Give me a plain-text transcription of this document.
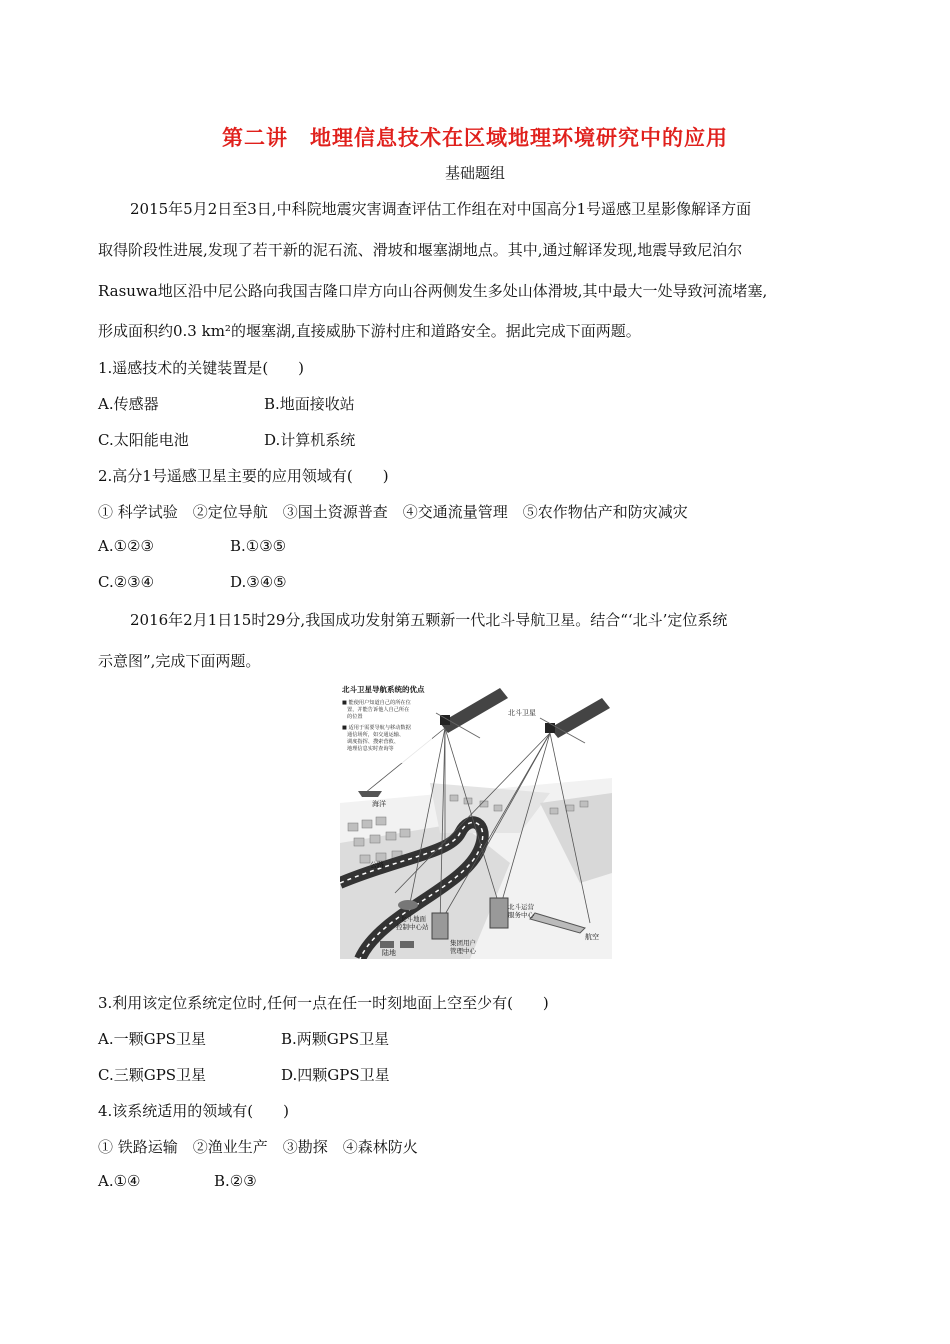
第二讲　地理信息技术在区域地理环境研究中的应用
基础题组
2015年5月2日至3日,中科院地震灾害调查评估工作组在对中国高分1号遥感卫星影像解译方面
取得阶段性进展,发现了若干新的泥石流、滑坡和堰塞湖地点。其中,通过解译发现,地震导致尼泊尔
Rasuwa地区沿中尼公路向我国吉隆口岸方向山谷两侧发生多处山体滑坡,其中最大一处导致河流堵塞,
形成面积约0.3 km²的堰塞湖,直接威胁下游村庄和道路安全。据此完成下面两题。
1.遥感技术的关键装置是(　　)
A.传感器	B.地面接收站
C.太阳能电池	D.计算机系统
2.高分1号遥感卫星主要的应用领域有(　　)
① 科学试验　②定位导航　③国土资源普查　④交通流量管理　⑤农作物估产和防灾减灾
A.①②③	B.①③⑤
C.②③④	D.③④⑤
2016年2月1日15时29分,我国成功发射第五颗新一代北斗导航卫星。结合“‘北斗’定位系统
示意图”,完成下面两题。
北斗卫星导航系统的优点
■ 能使用户知道自己的所在位
置，并能告诉他人自己所在
的位置
■ 适用于需要导航与移动数据
通信场所，如交通运输、
调度指挥、搜索营救、
地理信息实时查询等
北斗卫星
海洋
公路
陆地
北斗地面
控制中心站
集团用户
管理中心
北斗运营
服务中心
航空
3.利用该定位系统定位时,任何一点在任一时刻地面上空至少有(　　)
A.一颗GPS卫星	B.两颗GPS卫星
C.三颗GPS卫星	D.四颗GPS卫星
4.该系统适用的领域有(　　)
① 铁路运输　②渔业生产　③勘探　④森林防火
A.①④	B.②③
